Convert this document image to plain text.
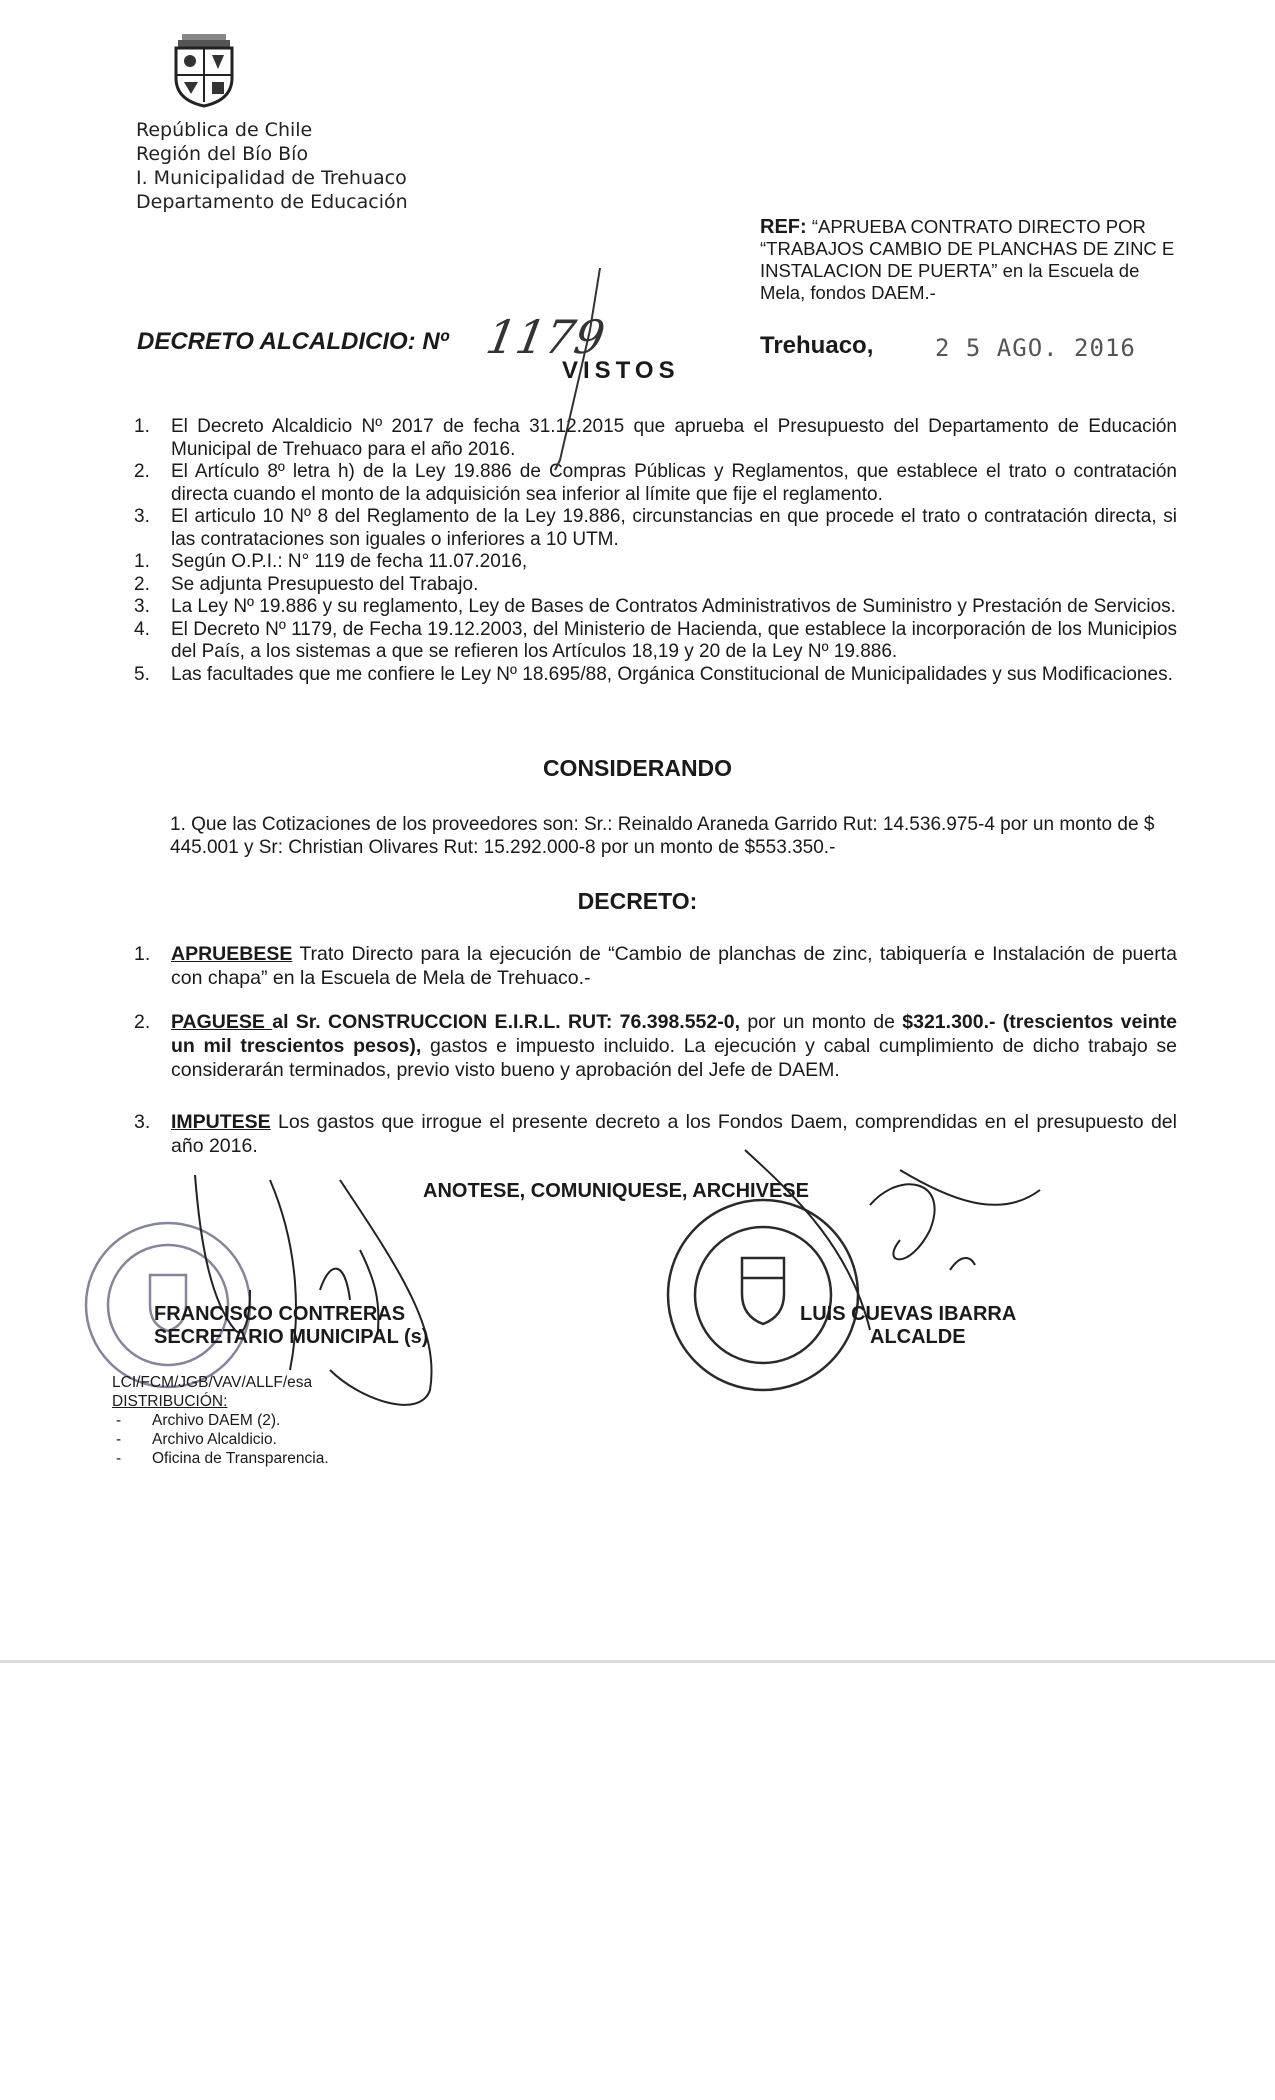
República de Chile
Región del Bío Bío
I. Municipalidad de Trehuaco
Departamento de Educación
REF: “APRUEBA CONTRATO DIRECTO POR “TRABAJOS CAMBIO DE PLANCHAS DE ZINC E INSTALACION DE PUERTA” en la Escuela de Mela, fondos DAEM.-
DECRETO ALCALDICIO: Nº 1179	Trehuaco,	2 5 AGO. 2016
VISTOS
1.	El Decreto Alcaldicio Nº 2017 de fecha 31.12.2015 que aprueba el Presupuesto del Departamento de Educación Municipal de Trehuaco para el año 2016.
2.	El Artículo 8º letra h) de la Ley 19.886 de Compras Públicas y Reglamentos, que establece el trato o contratación directa cuando el monto de la adquisición sea inferior al límite que fije el reglamento.
3.	El articulo 10 Nº 8 del Reglamento de la Ley 19.886, circunstancias en que procede el trato o contratación directa, si las contrataciones son iguales o inferiores a 10 UTM.
1.	Según O.P.I.: N° 119 de fecha 11.07.2016,
2.	Se adjunta Presupuesto del Trabajo.
3.	La Ley Nº 19.886 y su reglamento, Ley de Bases de Contratos Administrativos de Suministro y Prestación de Servicios.
4.	El Decreto Nº 1179, de Fecha 19.12.2003, del Ministerio de Hacienda, que establece la incorporación de los Municipios del País, a los sistemas a que se refieren los Artículos 18,19 y 20 de la Ley Nº 19.886.
5.	Las facultades que me confiere le Ley Nº 18.695/88, Orgánica Constitucional de Municipalidades y sus Modificaciones.
CONSIDERANDO
1. Que las Cotizaciones de los proveedores son: Sr.: Reinaldo Araneda Garrido Rut: 14.536.975-4 por un monto de $ 445.001 y Sr: Christian Olivares Rut: 15.292.000-8 por un monto de $553.350.-
DECRETO:
1.	APRUEBESE Trato Directo para la ejecución de “Cambio de planchas de zinc, tabiquería e Instalación de puerta con chapa” en la Escuela de Mela de Trehuaco.-
2.	PAGUESE al Sr. CONSTRUCCION E.I.R.L. RUT: 76.398.552-0, por un monto de $321.300.- (trescientos veinte un mil trescientos pesos), gastos e impuesto incluido. La ejecución y cabal cumplimiento de dicho trabajo se considerarán terminados, previo visto bueno y aprobación del Jefe de DAEM.
3.	IMPUTESE Los gastos que irrogue el presente decreto a los Fondos Daem, comprendidas en el presupuesto del año 2016.
ANOTESE, COMUNIQUESE, ARCHIVESE
FRANCISCO CONTRERAS
SECRETARIO MUNICIPAL (s)
LUIS CUEVAS IBARRA
ALCALDE
LCI/FCM/JGB/VAV/ALLF/esa
DISTRIBUCIÓN:
-	Archivo DAEM (2).
-	Archivo Alcaldicio.
-	Oficina de Transparencia.
